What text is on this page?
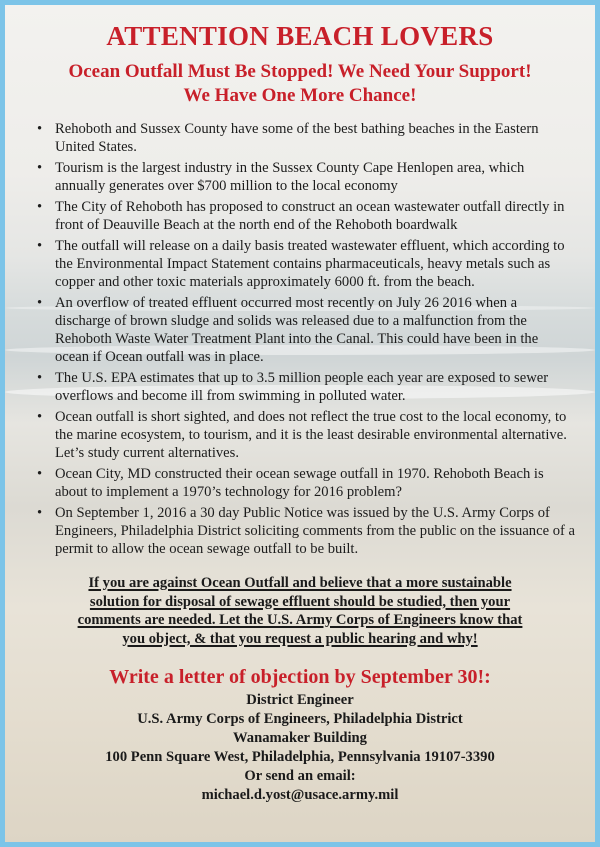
ATTENTION BEACH LOVERS
Ocean Outfall Must Be Stopped! We Need Your Support!
We Have One More Chance!
• Rehoboth and Sussex County have some of the best bathing beaches in the Eastern United States.
• Tourism is the largest industry in the Sussex County Cape Henlopen area, which annually generates over $700 million to the local economy
• The City of Rehoboth has proposed to construct an ocean wastewater outfall directly in front of Deauville Beach at the north end of the Rehoboth boardwalk
• The outfall will release on a daily basis treated wastewater effluent, which according to the Environmental Impact Statement contains pharmaceuticals, heavy metals such as copper and other toxic materials approximately 6000 ft. from the beach.
• An overflow of treated effluent occurred most recently on July 26 2016 when a discharge of brown sludge and solids was released due to a malfunction from the Rehoboth Waste Water Treatment Plant into the Canal. This could have been in the ocean if Ocean outfall was in place.
• The U.S. EPA estimates that up to 3.5 million people each year are exposed to sewer overflows and become ill from swimming in polluted water.
• Ocean outfall is short sighted, and does not reflect the true cost to the local economy, to the marine ecosystem, to tourism, and it is the least desirable environmental alternative. Let’s study current alternatives.
• Ocean City, MD constructed their ocean sewage outfall in 1970. Rehoboth Beach is about to implement a 1970’s technology for 2016 problem?
• On September 1, 2016 a 30 day Public Notice was issued by the U.S. Army Corps of Engineers, Philadelphia District soliciting comments from the public on the issuance of a permit to allow the ocean sewage outfall to be built.
If you are against Ocean Outfall and believe that a more sustainable
solution for disposal of sewage effluent should be studied, then your
comments are needed. Let the U.S. Army Corps of Engineers know that
you object, & that you request a public hearing and why!
Write a letter of objection by September 30!:
District Engineer
U.S. Army Corps of Engineers, Philadelphia District
Wanamaker Building
100 Penn Square West, Philadelphia, Pennsylvania 19107-3390
Or send an email:
michael.d.yost@usace.army.mil
